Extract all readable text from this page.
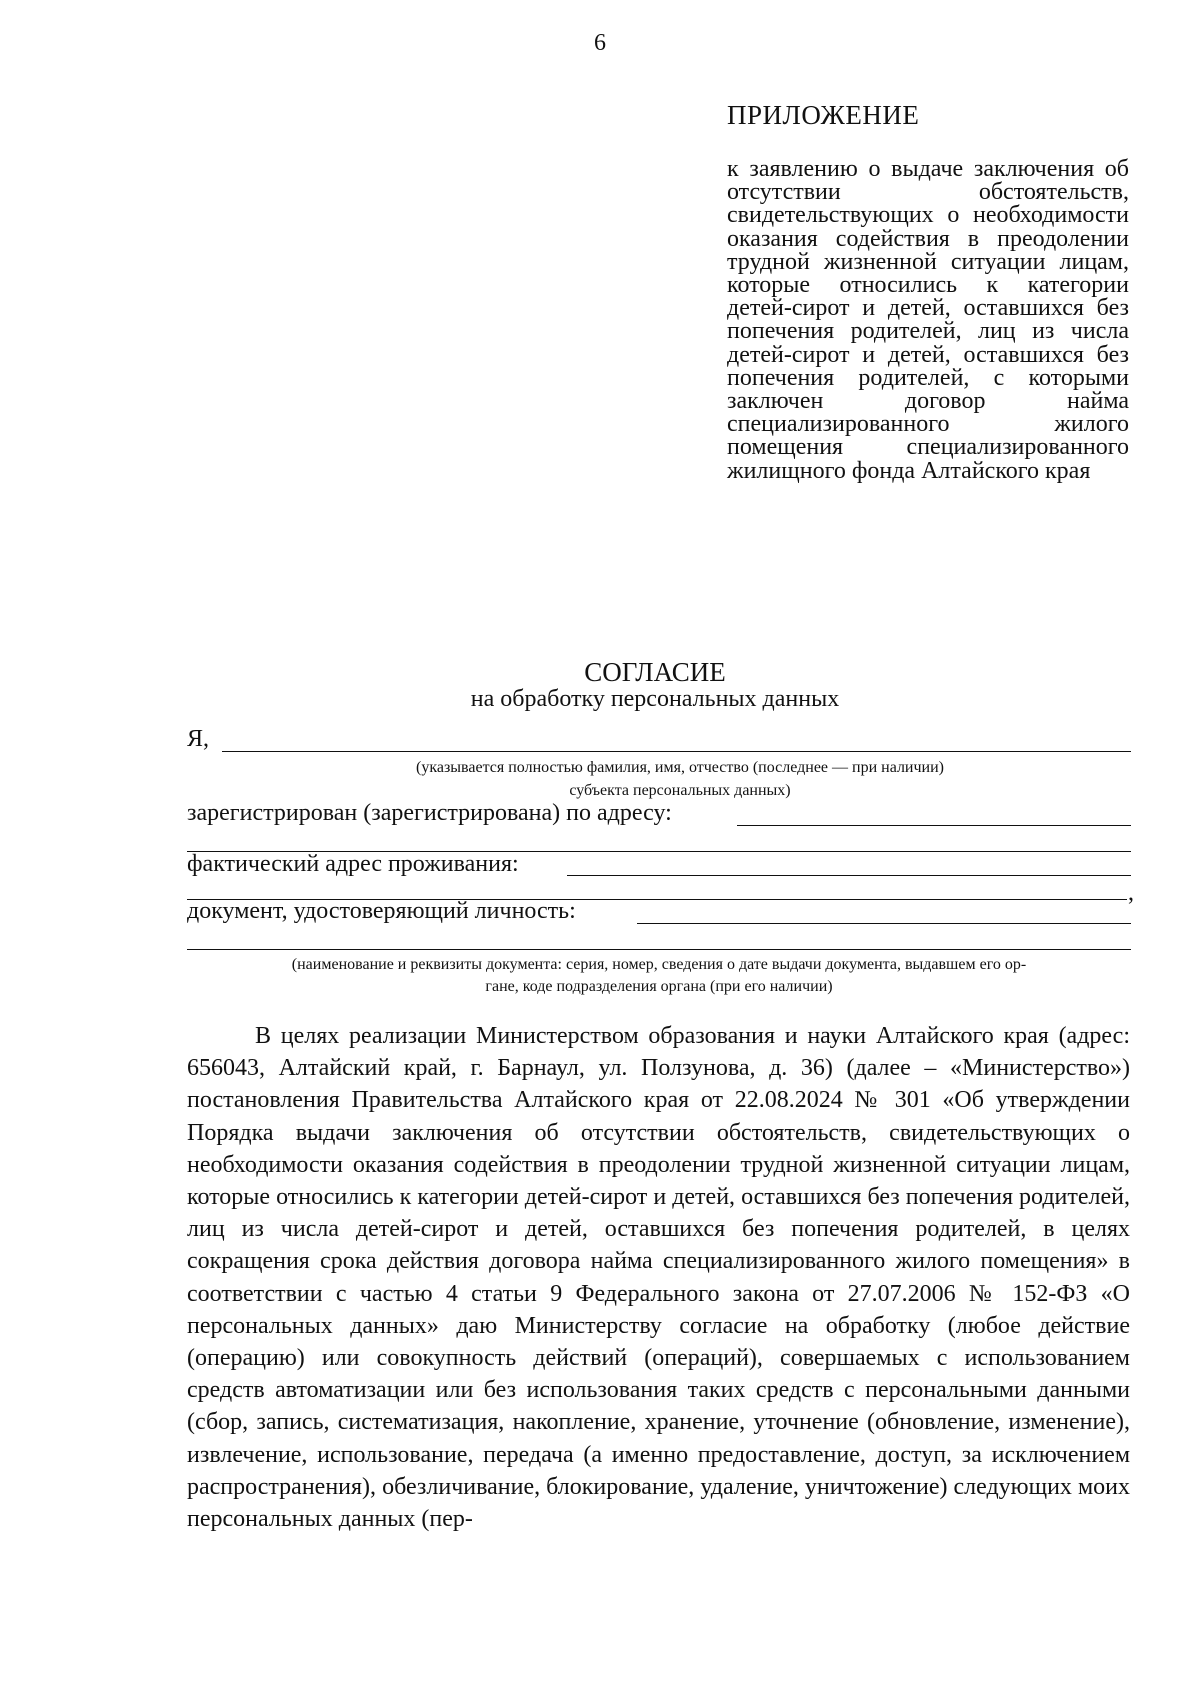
6
ПРИЛОЖЕНИЕ

к заявлению о выдаче заключения об отсутствии обстоятельств, свидетельствующих о необходимости оказания содействия в преодолении трудной жизненной ситуации лицам, которые относились к категории детей-сирот и детей, оставшихся без попечения родителей, лиц из числа детей-сирот и детей, оставшихся без попечения родителей, с которыми заключен договор найма специализированного жилого помещения специализированного жилищного фонда Алтайского края

СОГЛАСИЕ
на обработку персональных данных
Я,
(указывается полностью фамилия, имя, отчество (последнее — при наличии)
субъекта персональных данных)
зарегистрирован (зарегистрирована) по адресу:
фактический адрес проживания:
,
документ, удостоверяющий личность:
(наименование и реквизиты документа: серия, номер, сведения о дате выдачи документа, выдавшем его ор-
гане, коде подразделения органа (при его наличии)

В целях реализации Министерством образования и науки Алтайского края (адрес: 656043, Алтайский край, г. Барнаул, ул. Ползунова, д. 36) (далее – «Министерство») постановления Правительства Алтайского края от 22.08.2024 № 301 «Об утверждении Порядка выдачи заключения об отсутствии обстоятельств, свидетельствующих о необходимости оказания содействия в преодолении трудной жизненной ситуации лицам, которые относились к категории детей-сирот и детей, оставшихся без попечения родителей, лиц из числа детей-сирот и детей, оставшихся без попечения родителей, в целях сокращения срока действия договора найма специализированного жилого помещения» в соответствии с частью 4 статьи 9 Федерального закона от 27.07.2006 № 152-ФЗ «О персональных данных» даю Министерству согласие на обработку (любое действие (операцию) или совокупность действий (операций), совершаемых с использованием средств автоматизации или без использования таких средств с персональными данными (сбор, запись, систематизация, накопление, хранение, уточнение (обновление, изменение), извлечение, использование, передача (а именно предоставление, доступ, за исключением распространения), обезличивание, блокирование, удаление, уничтожение) следующих моих персональных данных (пер-
